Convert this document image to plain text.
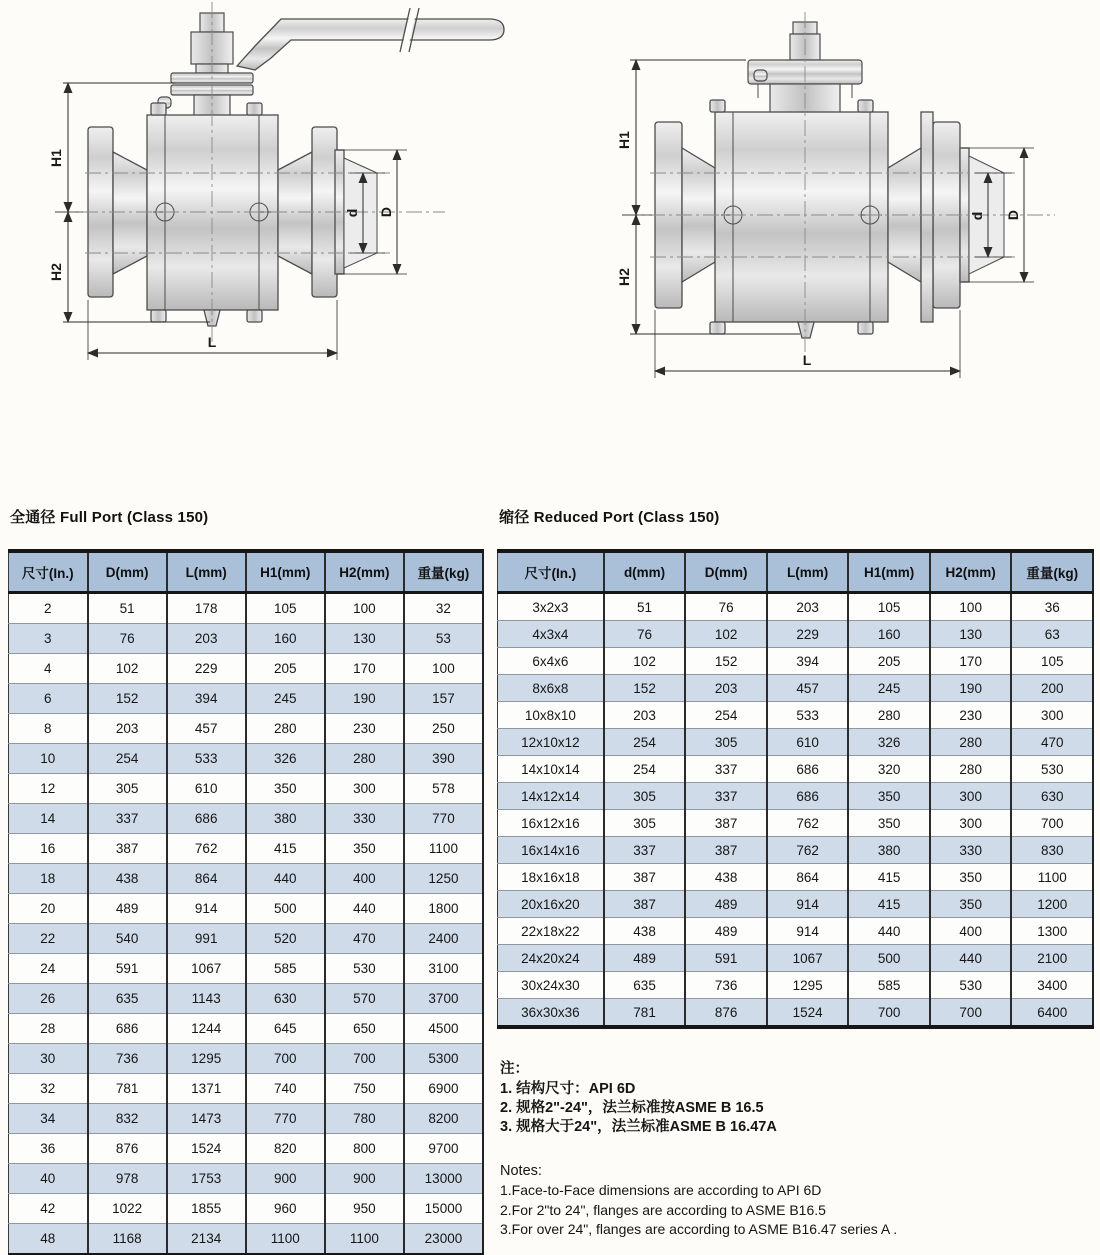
H1
H2
d D
L
H1
H2
d D
L
全通径 Full Port (Class 150)
尺寸(In.)	D(mm)	L(mm)	H1(mm)	H2(mm)	重量(kg)
2	51	178	105	100	32
3	76	203	160	130	53
4	102	229	205	170	100
6	152	394	245	190	157
8	203	457	280	230	250
10	254	533	326	280	390
12	305	610	350	300	578
14	337	686	380	330	770
16	387	762	415	350	1100
18	438	864	440	400	1250
20	489	914	500	440	1800
22	540	991	520	470	2400
24	591	1067	585	530	3100
26	635	1143	630	570	3700
28	686	1244	645	650	4500
30	736	1295	700	700	5300
32	781	1371	740	750	6900
34	832	1473	770	780	8200
36	876	1524	820	800	9700
40	978	1753	900	900	13000
42	1022	1855	960	950	15000
48	1168	2134	1100	1100	23000
缩径 Reduced Port (Class 150)
尺寸(In.)	d(mm)	D(mm)	L(mm)	H1(mm)	H2(mm)	重量(kg)
3x2x3	51	76	203	105	100	36
4x3x4	76	102	229	160	130	63
6x4x6	102	152	394	205	170	105
8x6x8	152	203	457	245	190	200
10x8x10	203	254	533	280	230	300
12x10x12	254	305	610	326	280	470
14x10x14	254	337	686	320	280	530
14x12x14	305	337	686	350	300	630
16x12x16	305	387	762	350	300	700
16x14x16	337	387	762	380	330	830
18x16x18	387	438	864	415	350	1100
20x16x20	387	489	914	415	350	1200
22x18x22	438	489	914	440	400	1300
24x20x24	489	591	1067	500	440	2100
30x24x30	635	736	1295	585	530	3400
36x30x36	781	876	1524	700	700	6400
注：
1. 结构尺寸：API 6D
2. 规格2"-24"，法兰标准按ASME B 16.5
3. 规格大于24"，法兰标准ASME B 16.47A
Notes:
1.Face-to-Face dimensions are according to API 6D
2.For 2"to 24", flanges are according to ASME B16.5
3.For over 24", flanges are according to ASME B16.47 series A .
